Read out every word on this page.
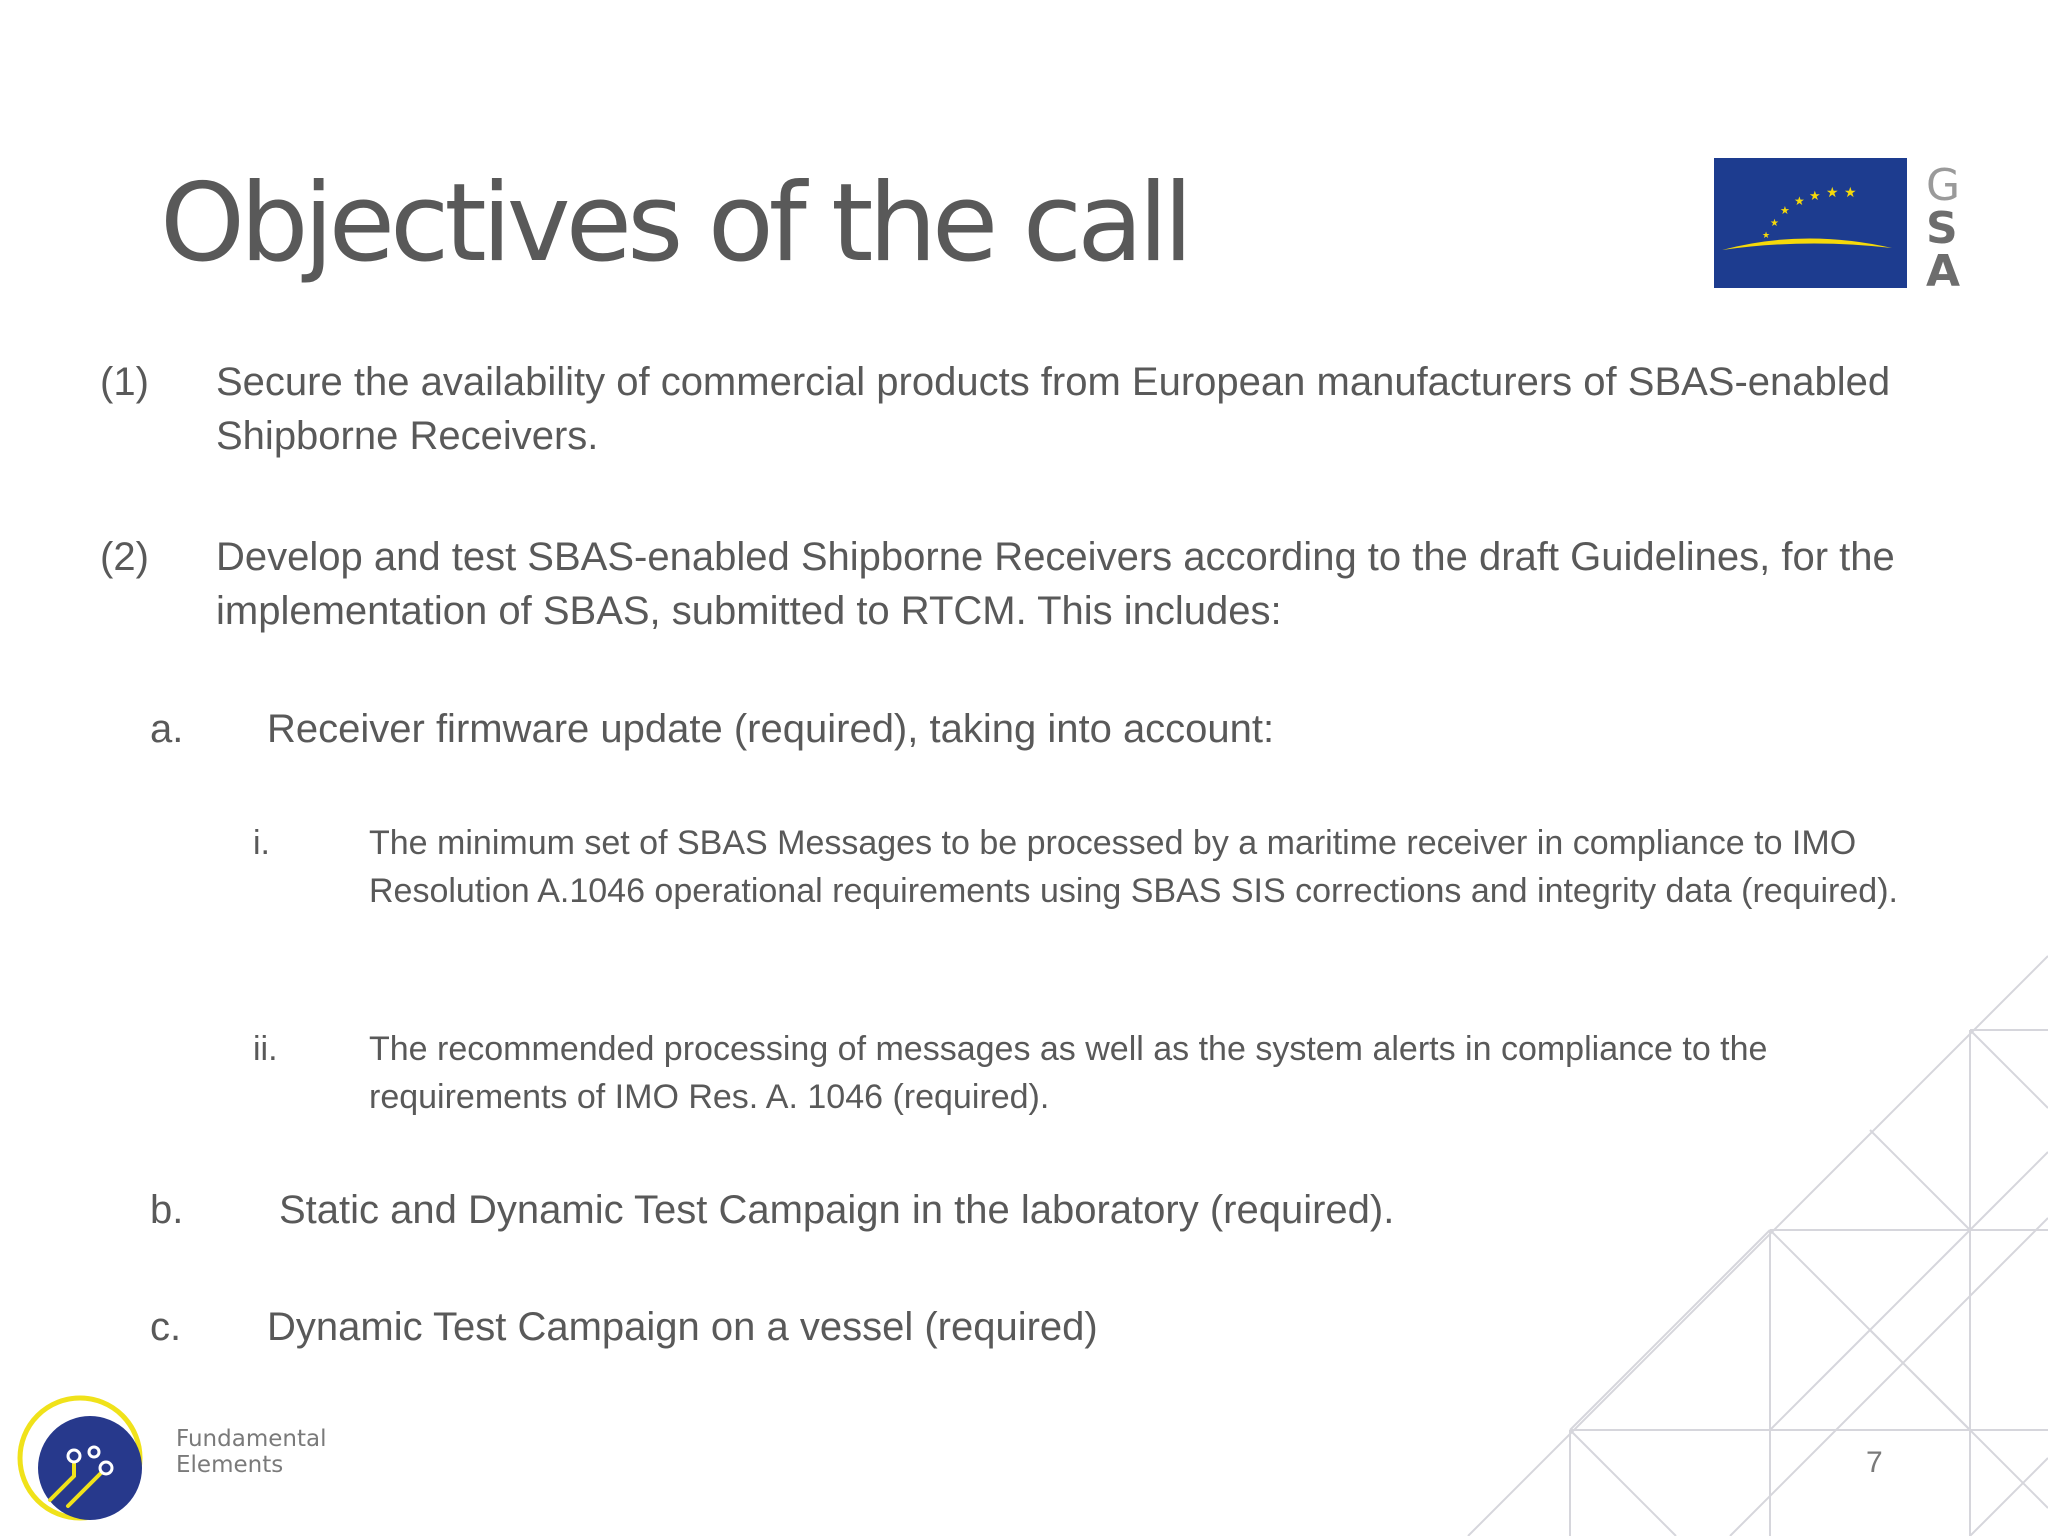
Objectives of the call	★
★
★
★ ★ ★ ★ G
S
A
(1) Secure the availability of commercial products from European manufacturers of SBAS-enabled Shipborne Receivers.
(2) Develop and test SBAS-enabled Shipborne Receivers according to the draft Guidelines, for the implementation of SBAS, submitted to RTCM. This includes:
a. Receiver firmware update (required), taking into account:
i.	The minimum set of SBAS Messages to be processed by a maritime receiver in compliance to IMO Resolution A.1046 operational requirements using SBAS SIS corrections and integrity data (required).
ii.	The recommended processing of messages as well as the system alerts in compliance to the requirements of IMO Res. A. 1046 (required).
b. Static and Dynamic Test Campaign in the laboratory (required).
c. Dynamic Test Campaign on a vessel (required)
Fundamental
Elements	7
